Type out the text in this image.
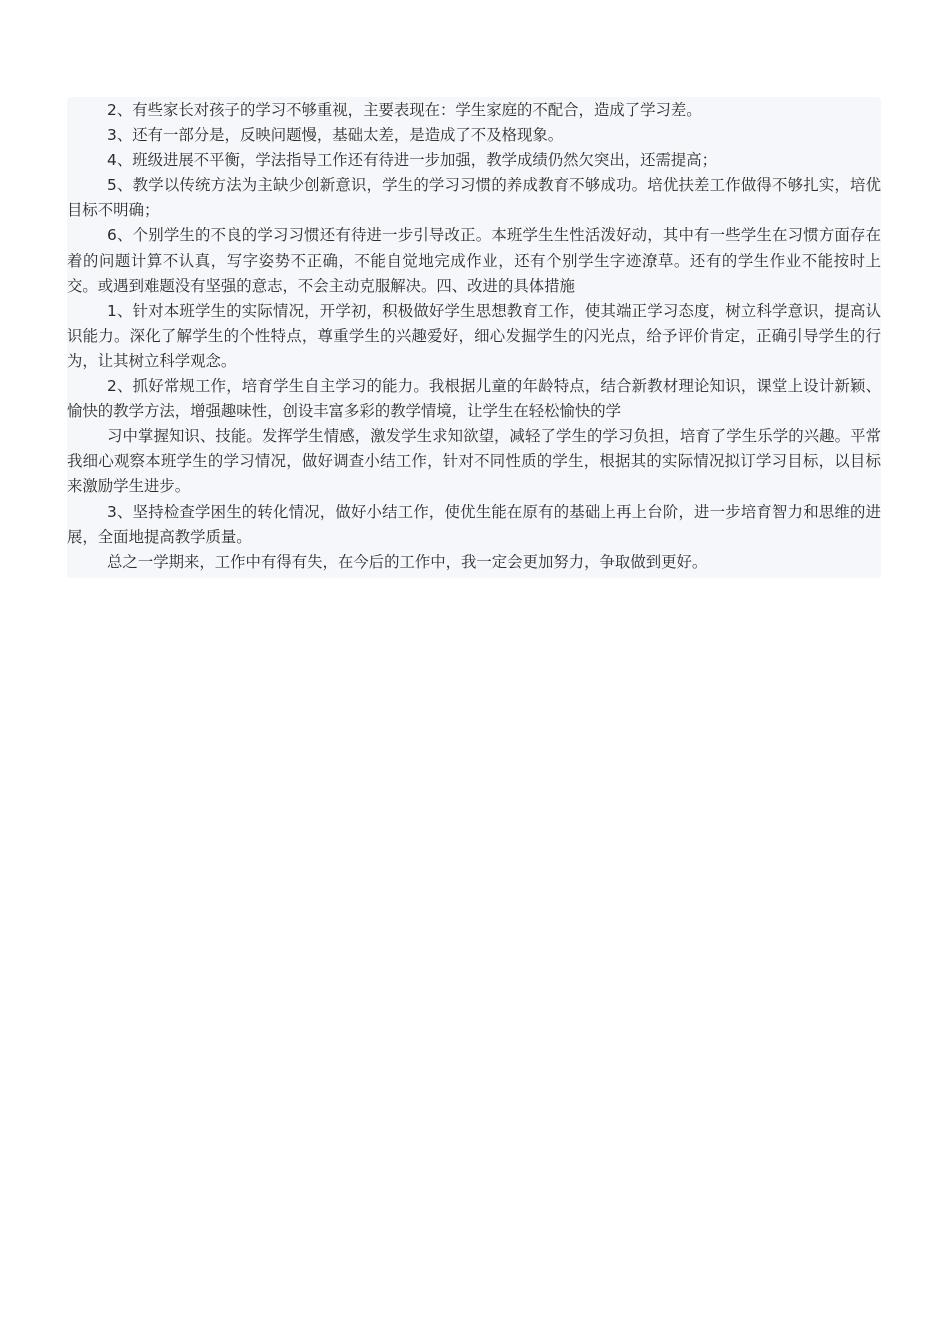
2、有些家长对孩子的学习不够重视，主要表现在：学生家庭的不配合，造成了学习差。

3、还有一部分是，反映问题慢，基础太差，是造成了不及格现象。

4、班级进展不平衡，学法指导工作还有待进一步加强，教学成绩仍然欠突出，还需提高；

5、教学以传统方法为主缺少创新意识，学生的学习习惯的养成教育不够成功。培优扶差工作做得不够扎实，培优目标不明确；

6、个别学生的不良的学习习惯还有待进一步引导改正。本班学生生性活泼好动，其中有一些学生在习惯方面存在着的问题计算不认真，写字姿势不正确，不能自觉地完成作业，还有个别学生字迹潦草。还有的学生作业不能按时上交。或遇到难题没有坚强的意志，不会主动克服解决。四、改进的具体措施

1、针对本班学生的实际情况，开学初，积极做好学生思想教育工作，使其端正学习态度，树立科学意识，提高认识能力。深化了解学生的个性特点，尊重学生的兴趣爱好，细心发掘学生的闪光点，给予评价肯定，正确引导学生的行为，让其树立科学观念。

2、抓好常规工作，培育学生自主学习的能力。我根据儿童的年龄特点，结合新教材理论知识，课堂上设计新颖、愉快的教学方法，增强趣味性，创设丰富多彩的教学情境，让学生在轻松愉快的学

习中掌握知识、技能。发挥学生情感，激发学生求知欲望，减轻了学生的学习负担，培育了学生乐学的兴趣。平常我细心观察本班学生的学习情况，做好调查小结工作，针对不同性质的学生，根据其的实际情况拟订学习目标，以目标来激励学生进步。

3、坚持检查学困生的转化情况，做好小结工作，使优生能在原有的基础上再上台阶，进一步培育智力和思维的进展，全面地提高教学质量。

总之一学期来，工作中有得有失，在今后的工作中，我一定会更加努力，争取做到更好。
